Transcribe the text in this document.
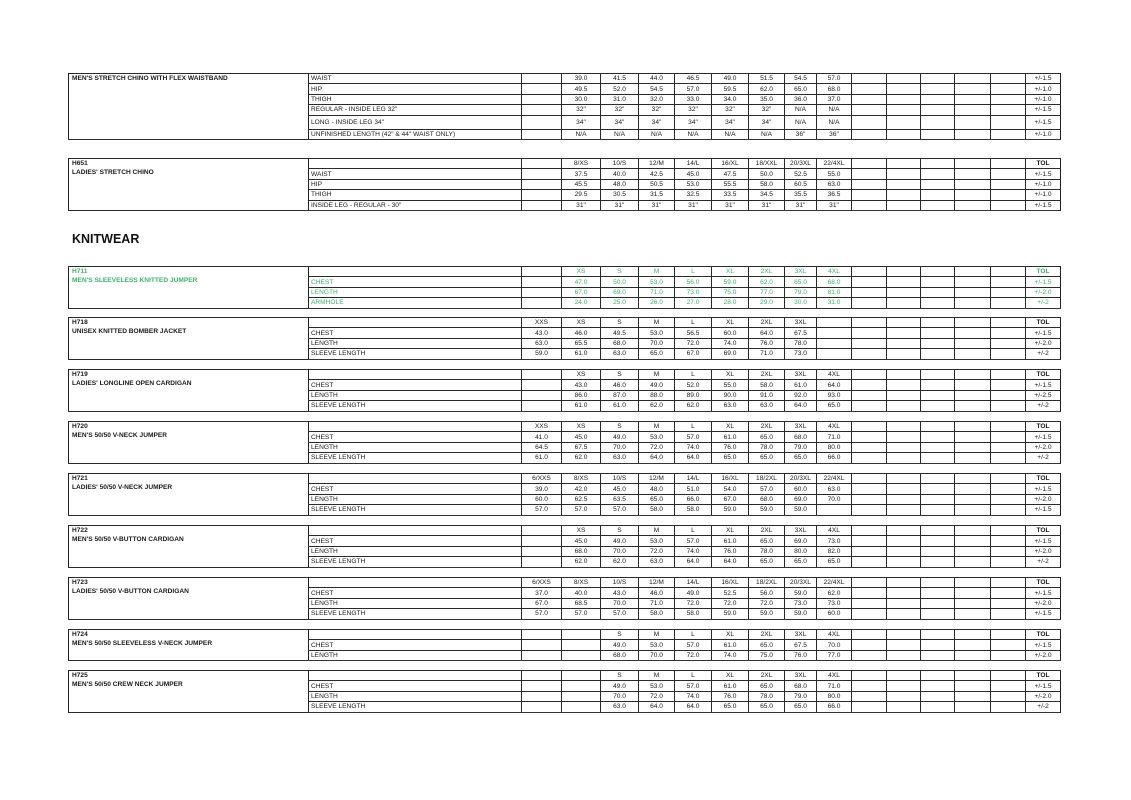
KNITWEAR
MEN'S STRETCH CHINO WITH FLEX WAISTBAND	WAIST		39.0	41.5	44.0	46.5	49.0	51.5	54.5	57.0						+/-1.5
	HIP		49.5	52.0	54.5	57.0	59.5	62.0	65.0	68.0						+/-1.0
	THIGH		30.0	31.0	32.0	33.0	34.0	35.0	36.0	37.0						+/-1.0
	REGULAR - INSIDE LEG 32"		32"	32"	32"	32"	32"	32"	N/A	N/A						+/-1.5
	LONG - INSIDE LEG 34"		34"	34"	34"	34"	34"	34"	N/A	N/A						+/-1.5
	UNFINISHED LENGTH (42" & 44" WAIST ONLY)		N/A	N/A	N/A	N/A	N/A	N/A	36"	36"						+/-1.0
H651
LADIES' STRETCH CHINO			8/XS	10/S	12/M	14/L	16/XL	18/XXL	20/3XL	22/4XL						TOL
	WAIST		37.5	40.0	42.5	45.0	47.5	50.0	52.5	55.0						+/-1.5
	HIP		45.5	48.0	50.5	53.0	55.5	58.0	60.5	63.0						+/-1.0
	THIGH		29.5	30.5	31.5	32.5	33.5	34.5	35.5	36.5						+/-1.0
	INSIDE LEG - REGULAR - 30"		31"	31"	31"	31"	31"	31"	31"	31"						+/-1.5
H711
MEN'S SLEEVELESS KNITTED JUMPER			XS	S	M	L	XL	2XL	3XL	4XL						TOL
	CHEST		47.0	50.0	53.0	56.0	59.0	62.0	65.0	68.0						+/-1.5
	LENGTH		67.0	69.0	71.0	73.0	75.0	77.0	79.0	81.0						+/-2.0
	ARMHOLE		24.0	25.0	26.0	27.0	28.0	29.0	30.0	31.0						+/-2
H718
UNISEX KNITTED BOMBER JACKET		XXS	XS	S	M	L	XL	2XL	3XL							TOL
	CHEST	43.0	46.0	49.5	53.0	56.5	60.0	64.0	67.5							+/-1.5
	LENGTH	63.0	65.5	68.0	70.0	72.0	74.0	76.0	78.0							+/-2.0
	SLEEVE LENGTH	59.0	61.0	63.0	65.0	67.0	69.0	71.0	73.0							+/-2
H719
LADIES' LONGLINE OPEN CARDIGAN			XS	S	M	L	XL	2XL	3XL	4XL						TOL
	CHEST		43.0	46.0	49.0	52.0	55.0	58.0	61.0	64.0						+/-1.5
	LENGTH		86.0	87.0	88.0	89.0	90.0	91.0	92.0	93.0						+/-2.5
	SLEEVE LENGTH		61.0	61.0	62.0	62.0	63.0	63.0	64.0	65.0						+/-2
H720
MEN'S 50/50 V-NECK JUMPER		XXS	XS	S	M	L	XL	2XL	3XL	4XL						TOL
	CHEST	41.0	45.0	49.0	53.0	57.0	61.0	65.0	68.0	71.0						+/-1.5
	LENGTH	64.5	67.5	70.0	72.0	74.0	76.0	78.0	79.0	80.0						+/-2.0
	SLEEVE LENGTH	61.0	62.0	63.0	64.0	64.0	65.0	65.0	65.0	66.0						+/-2
H721
LADIES' 50/50 V-NECK JUMPER		6/XXS	8/XS	10/S	12/M	14/L	16/XL	18/2XL	20/3XL	22/4XL						TOL
	CHEST	39.0	42.0	45.0	48.0	51.0	54.0	57.0	60.0	63.0						+/-1.5
	LENGTH	60.0	62.5	63.5	65.0	66.0	67.0	68.0	69.0	70.0						+/-2.0
	SLEEVE LENGTH	57.0	57.0	57.0	58.0	58.0	59.0	59.0	59.0							+/-1.5
H722
MEN'S 50/50 V-BUTTON CARDIGAN			XS	S	M	L	XL	2XL	3XL	4XL						TOL
	CHEST		45.0	49.0	53.0	57.0	61.0	65.0	69.0	73.0						+/-1.5
	LENGTH		68.0	70.0	72.0	74.0	76.0	78.0	80.0	82.0						+/-2.0
	SLEEVE LENGTH		62.0	62.0	63.0	64.0	64.0	65.0	65.0	65.0						+/-2
H723
LADIES' 50/50 V-BUTTON CARDIGAN		6/XXS	8/XS	10/S	12/M	14/L	16/XL	18/2XL	20/3XL	22/4XL						TOL
	CHEST	37.0	40.0	43.0	46.0	49.0	52.5	56.0	59.0	62.0						+/-1.5
	LENGTH	67.0	68.5	70.0	71.0	72.0	72.0	72.0	73.0	73.0						+/-2.0
	SLEEVE LENGTH	57.0	57.0	57.0	58.0	58.0	59.0	59.0	59.0	60.0						+/-1.5
H724
MEN'S 50/50 SLEEVELESS V-NECK JUMPER				S	M	L	XL	2XL	3XL	4XL						TOL
	CHEST			49.0	53.0	57.0	61.0	65.0	67.5	70.0						+/-1.5
	LENGTH			68.0	70.0	72.0	74.0	75.0	76.0	77.0						+/-2.0
H725
MEN'S 50/50 CREW NECK JUMPER				S	M	L	XL	2XL	3XL	4XL						TOL
	CHEST			49.0	53.0	57.0	61.0	65.0	68.0	71.0						+/-1.5
	LENGTH			70.0	72.0	74.0	76.0	78.0	79.0	80.0						+/-2.0
	SLEEVE LENGTH			63.0	64.0	64.0	65.0	65.0	65.0	66.0						+/-2
